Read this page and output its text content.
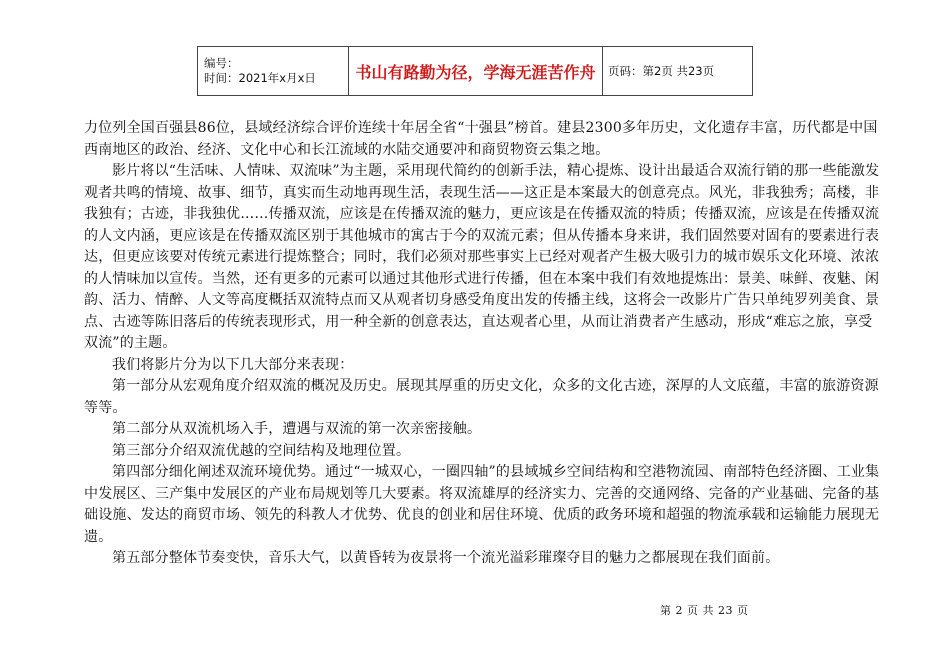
编号：
时间：2021年x月x日	书山有路勤为径，学海无涯苦作舟	页码：第2页 共23页

力位列全国百强县86位，县域经济综合评价连续十年居全省“十强县”榜首。建县2300多年历史，文化遗存丰富，历代都是中国西南地区的政治、经济、文化中心和长江流域的水陆交通要冲和商贸物资云集之地。

影片将以“生活味、人情味、双流味”为主题，采用现代简约的创新手法，精心提炼、设计出最适合双流行销的那一些能激发观者共鸣的情境、故事、细节，真实而生动地再现生活，表现生活——这正是本案最大的创意亮点。风光，非我独秀；高楼，非我独有；古迹，非我独优……传播双流，应该是在传播双流的魅力，更应该是在传播双流的特质；传播双流，应该是在传播双流的人文内涵，更应该是在传播双流区别于其他城市的寓古于今的双流元素；但从传播本身来讲，我们固然要对固有的要素进行表达，但更应该要对传统元素进行提炼整合；同时，我们必须对那些事实上已经对观者产生极大吸引力的城市娱乐文化环境、浓浓的人情味加以宣传。当然，还有更多的元素可以通过其他形式进行传播，但在本案中我们有效地提炼出：景美、味鲜、夜魅、闲韵、活力、情醉、人文等高度概括双流特点而又从观者切身感受角度出发的传播主线，这将会一改影片广告只单纯罗列美食、景点、古迹等陈旧落后的传统表现形式，用一种全新的创意表达，直达观者心里，从而让消费者产生感动，形成“难忘之旅，享受双流”的主题。

我们将影片分为以下几大部分来表现：

第一部分从宏观角度介绍双流的概况及历史。展现其厚重的历史文化，众多的文化古迹，深厚的人文底蕴，丰富的旅游资源等等。

第二部分从双流机场入手，遭遇与双流的第一次亲密接触。

第三部分介绍双流优越的空间结构及地理位置。

第四部分细化阐述双流环境优势。通过“一城双心，一圈四轴”的县域城乡空间结构和空港物流园、南部特色经济圈、工业集中发展区、三产集中发展区的产业布局规划等几大要素。将双流雄厚的经济实力、完善的交通网络、完备的产业基础、完备的基础设施、发达的商贸市场、领先的科教人才优势、优良的创业和居住环境、优质的政务环境和超强的物流承载和运输能力展现无遗。

第五部分整体节奏变快，音乐大气，以黄昏转为夜景将一个流光溢彩璀璨夺目的魅力之都展现在我们面前。

第 2 页 共 23 页
